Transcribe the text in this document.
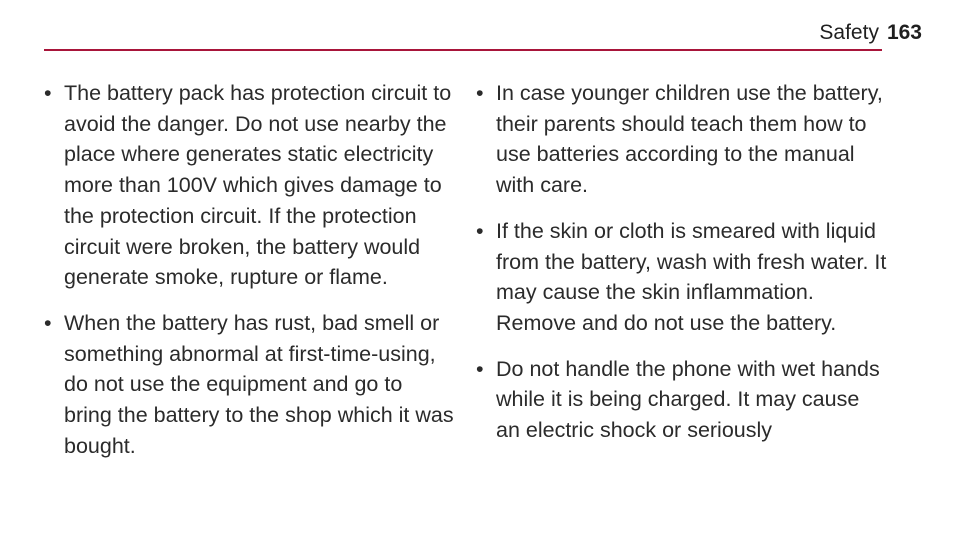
Safety 163
• The battery pack has protection circuit to avoid the danger. Do not use nearby the place where generates static electricity more than 100V which gives damage to the protection circuit. If the protection circuit were broken, the battery would generate smoke, rupture or flame.
• When the battery has rust, bad smell or something abnormal at first-time-using, do not use the equipment and go to bring the battery to the shop which it was bought.
• In case younger children use the battery, their parents should teach them how to use batteries according to the manual with care.
• If the skin or cloth is smeared with liquid from the battery, wash with fresh water. It may cause the skin inflammation. Remove and do not use the battery.
• Do not handle the phone with wet hands while it is being charged. It may cause an electric shock or seriously
